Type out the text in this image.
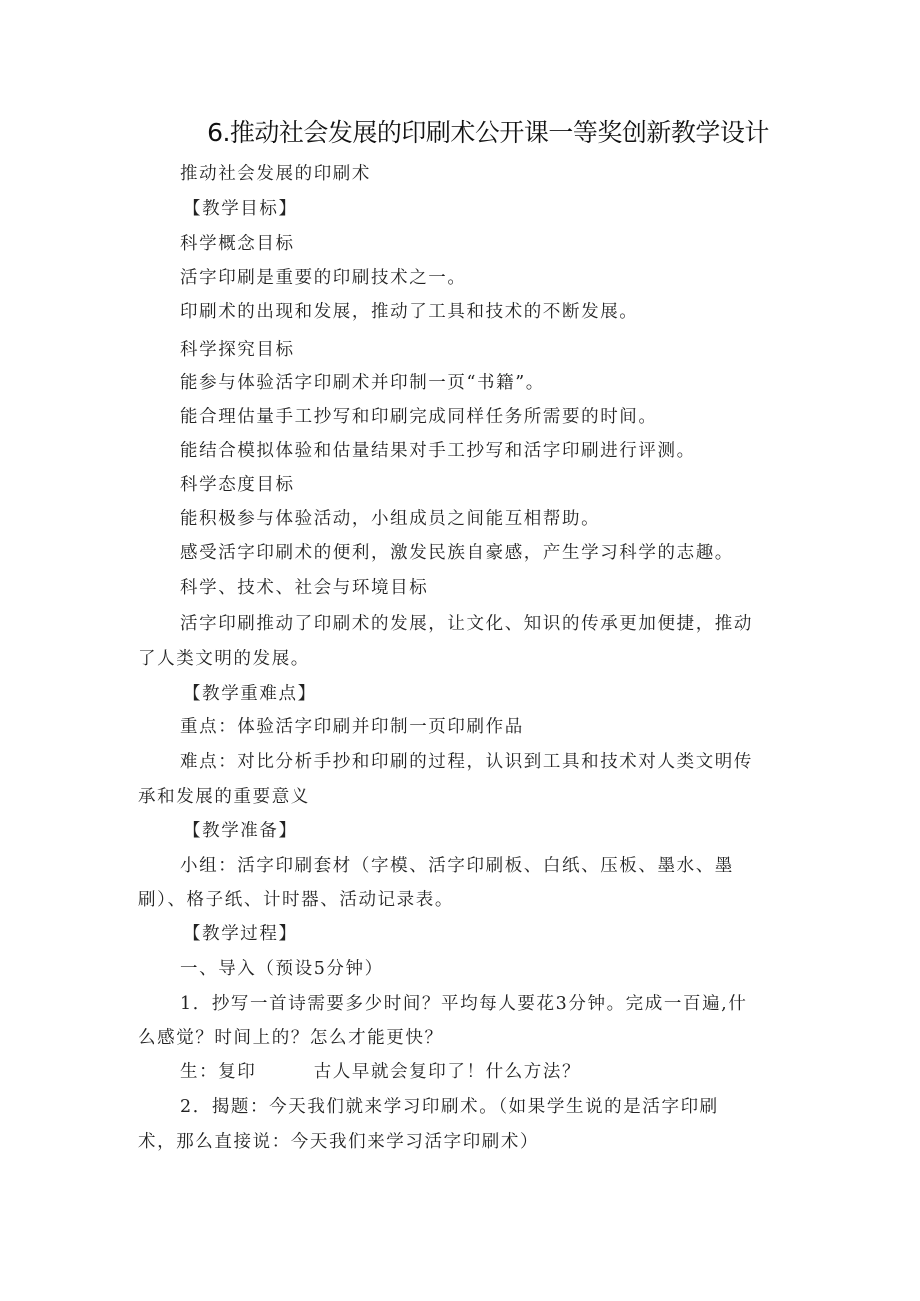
6.推动社会发展的印刷术公开课一等奖创新教学设计
推动社会发展的印刷术
【教学目标】
科学概念目标
活字印刷是重要的印刷技术之一。
印刷术的出现和发展，推动了工具和技术的不断发展。
科学探究目标
能参与体验活字印刷术并印制一页“书籍”。
能合理估量手工抄写和印刷完成同样任务所需要的时间。
能结合模拟体验和估量结果对手工抄写和活字印刷进行评测。
科学态度目标
能积极参与体验活动，小组成员之间能互相帮助。
感受活字印刷术的便利，激发民族自豪感，产生学习科学的志趣。
科学、技术、社会与环境目标
活字印刷推动了印刷术的发展，让文化、知识的传承更加便捷，推动
了人类文明的发展。
【教学重难点】
重点：体验活字印刷并印制一页印刷作品
难点：对比分析手抄和印刷的过程，认识到工具和技术对人类文明传
承和发展的重要意义
【教学准备】
小组：活字印刷套材（字模、活字印刷板、白纸、压板、墨水、墨
刷）、格子纸、计时器、活动记录表。
【教学过程】
一、导入（预设5分钟）
1．抄写一首诗需要多少时间？平均每人要花3分钟。完成一百遍,什
么感觉？时间上的？怎么才能更快？
生：复印　　　古人早就会复印了！什么方法？
2．揭题：今天我们就来学习印刷术。（如果学生说的是活字印刷
术，那么直接说：今天我们来学习活字印刷术）
